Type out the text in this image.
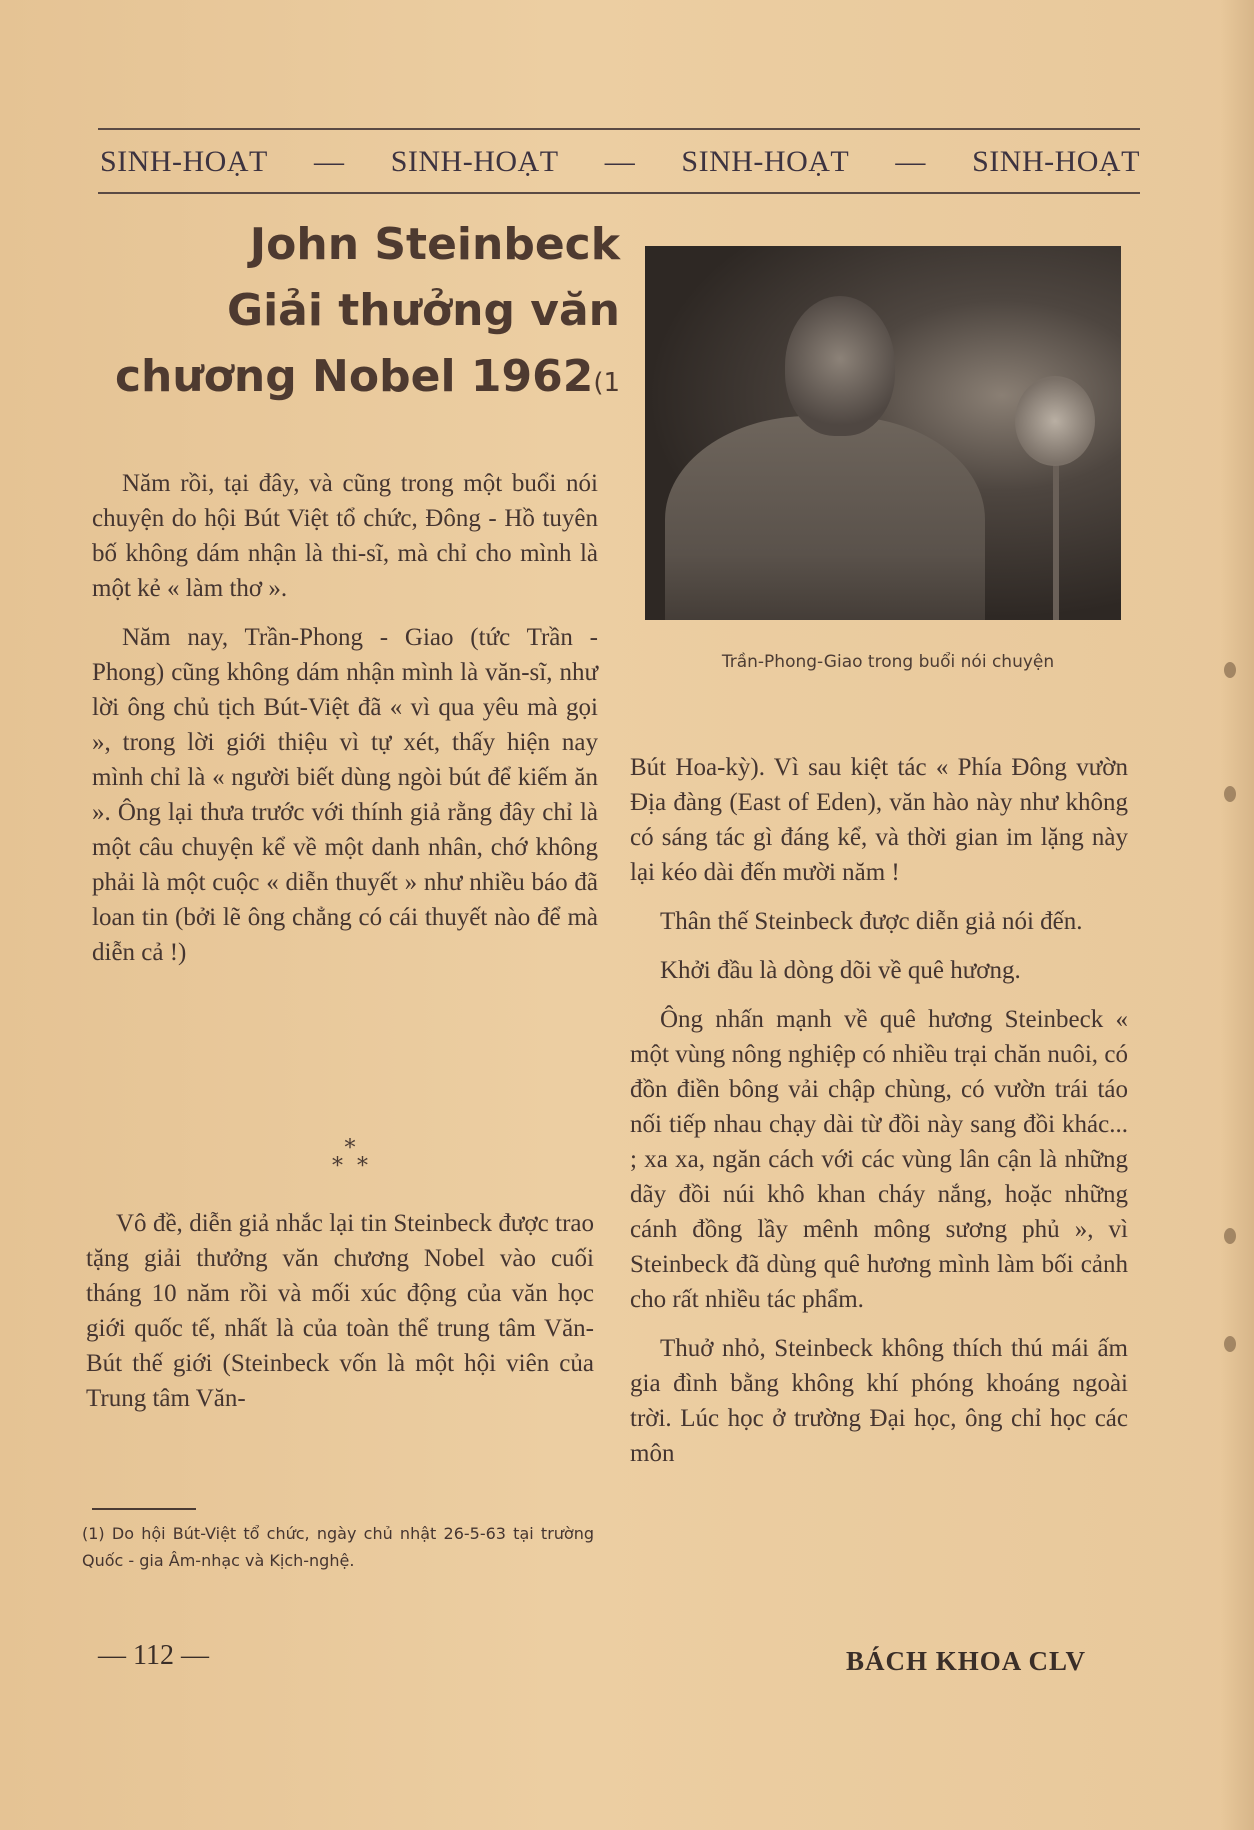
SINH-HOẠT	—	SINH-HOẠT	—	SINH-HOẠT	—	SINH-HOẠT
John Steinbeck
Giải thưởng văn
chương Nobel 1962(1
Trần-Phong-Giao trong buổi nói chuyện

Năm rồi, tại đây, và cũng trong một buổi nói chuyện do hội Bút Việt tổ chức, Đông - Hồ tuyên bố không dám nhận là thi-sĩ, mà chỉ cho mình là một kẻ « làm thơ ».

Năm nay, Trần-Phong - Giao (tức Trần - Phong) cũng không dám nhận mình là văn-sĩ, như lời ông chủ tịch Bút-Việt đã « vì qua yêu mà gọi », trong lời giới thiệu vì tự xét, thấy hiện nay mình chỉ là « người biết dùng ngòi bút để kiếm ăn ». Ông lại thưa trước với thính giả rằng đây chỉ là một câu chuyện kể về một danh nhân, chớ không phải là một cuộc « diễn thuyết » như nhiều báo đã loan tin (bởi lẽ ông chẳng có cái thuyết nào để mà diễn cả !)

*
* *

Vô đề, diễn giả nhắc lại tin Steinbeck được trao tặng giải thưởng văn chương Nobel vào cuối tháng 10 năm rồi và mối xúc động của văn học giới quốc tế, nhất là của toàn thể trung tâm Văn-Bút thế giới (Steinbeck vốn là một hội viên của Trung tâm Văn-

Bút Hoa-kỳ). Vì sau kiệt tác « Phía Đông vườn Địa đàng (East of Eden), văn hào này như không có sáng tác gì đáng kể, và thời gian im lặng này lại kéo dài đến mười năm !

Thân thế Steinbeck được diễn giả nói đến.

Khởi đầu là dòng dõi về quê hương.

Ông nhấn mạnh về quê hương Steinbeck « một vùng nông nghiệp có nhiều trại chăn nuôi, có đồn điền bông vải chập chùng, có vườn trái táo nối tiếp nhau chạy dài từ đồi này sang đồi khác... ; xa xa, ngăn cách với các vùng lân cận là những dãy đồi núi khô khan cháy nắng, hoặc những cánh đồng lầy mênh mông sương phủ », vì Steinbeck đã dùng quê hương mình làm bối cảnh cho rất nhiều tác phẩm.

Thuở nhỏ, Steinbeck không thích thú mái ấm gia đình bằng không khí phóng khoáng ngoài trời. Lúc học ở trường Đại học, ông chỉ học các môn

(1) Do hội Bút-Việt tổ chức, ngày chủ nhật 26-5-63 tại trường Quốc - gia Âm-nhạc và Kịch-nghệ.
— 112 —	BÁCH KHOA CLV
